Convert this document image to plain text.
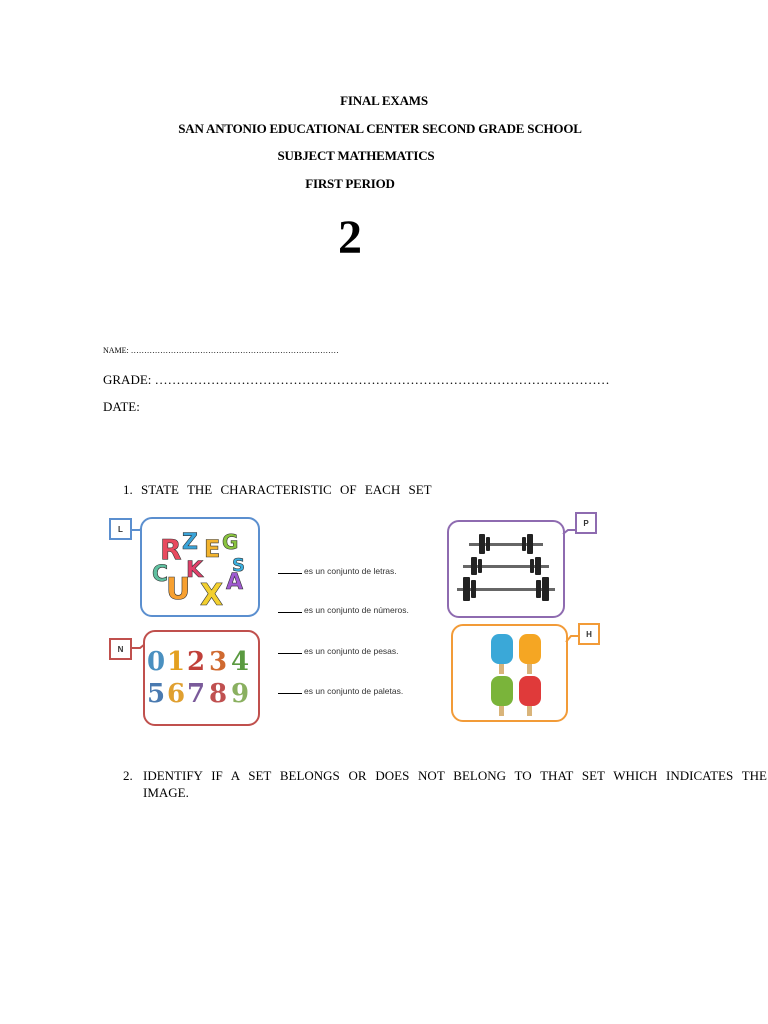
FINAL EXAMS
SAN ANTONIO EDUCATIONAL CENTER SECOND GRADE SCHOOL
SUBJECT MATHEMATICS
FIRST PERIOD
2
NAME: ……………………………………………………………………
GRADE: ……………………………………………………………………………………………
DATE:
1. STATE THE CHARACTERISTIC OF EACH SET
L
R Z E G
U X A
C K S
N 0 1 2 3 4
5 6 7 8 9
es un conjunto de letras.
es un conjunto de números.
es un conjunto de pesas.
es un conjunto de paletas.
P
H
2. IDENTIFY IF A SET BELONGS OR DOES NOT BELONG TO THAT SET WHICH INDICATES THE IMAGE.
